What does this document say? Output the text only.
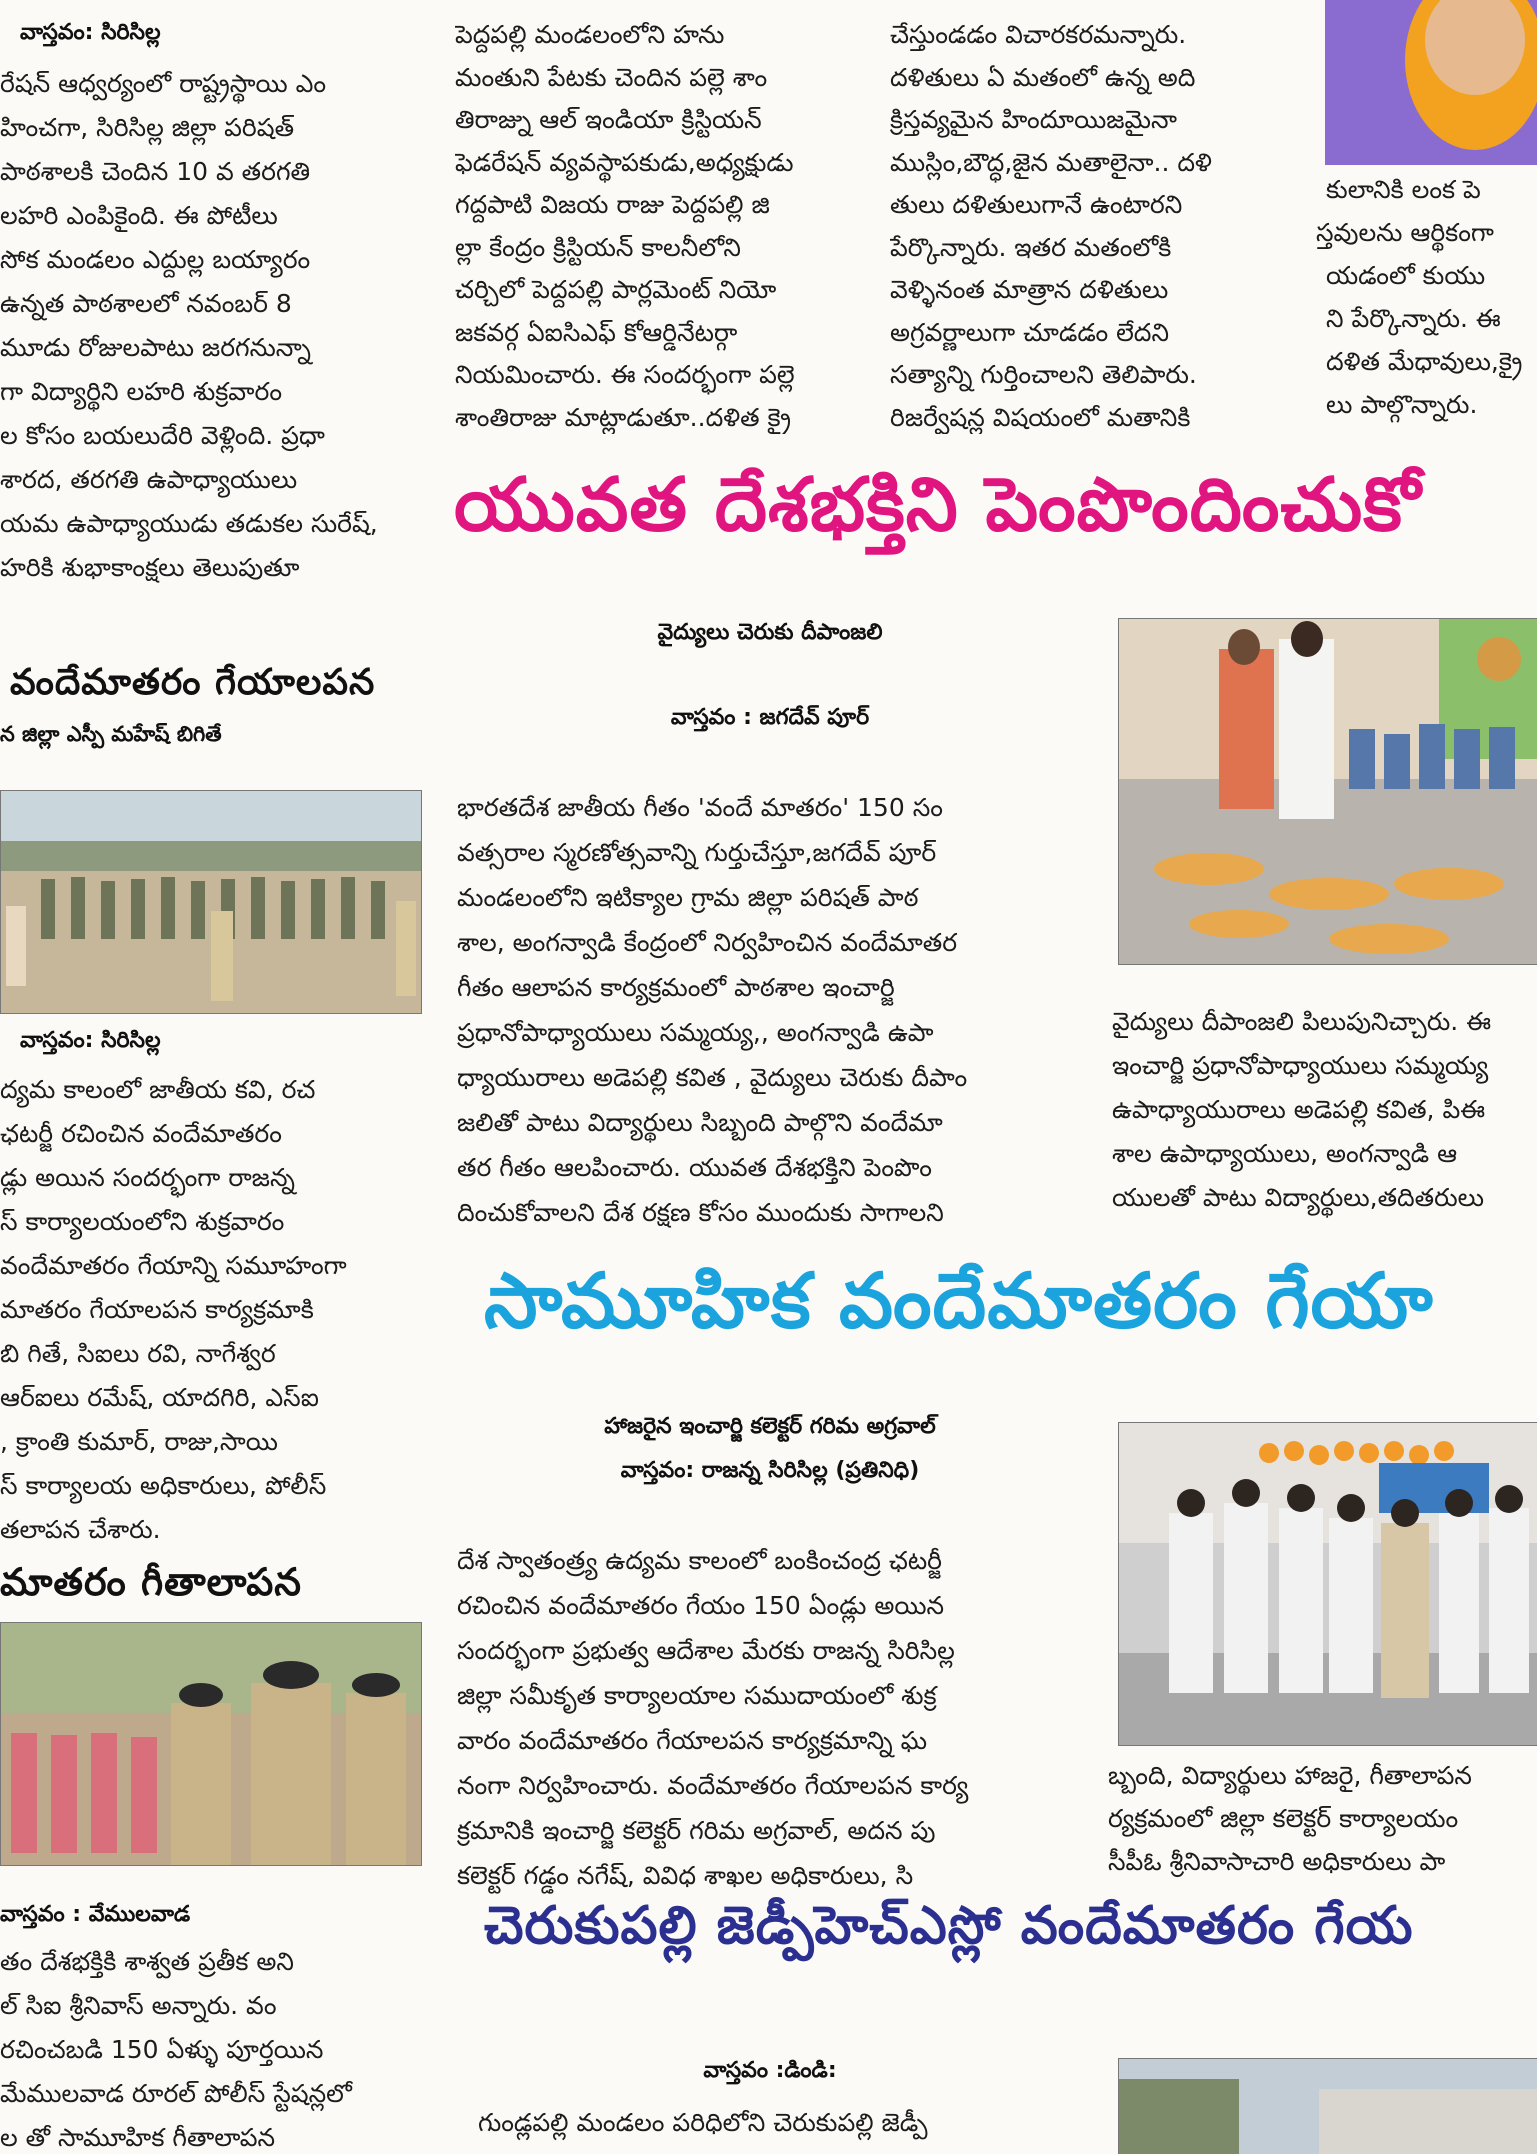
వాస్తవం: సిరిసిల్ల
రేషన్ ఆధ్వర్యంలో రాష్ట్రస్థాయి ఎం
హించగా, సిరిసిల్ల జిల్లా పరిషత్
పాఠశాలకి చెందిన 10 వ తరగతి
లహరి ఎంపికైంది. ఈ పోటీలు
సోక మండలం ఎద్దుల్ల బయ్యారం
ఉన్నత పాఠశాలలో నవంబర్ 8
మూడు రోజులపాటు జరగనున్నా
గా విద్యార్థిని లహరి శుక్రవారం
ల కోసం బయలుదేరి వెళ్లింది. ప్రధా
శారద, తరగతి ఉపాధ్యాయులు
యమ ఉపాధ్యాయుడు తడుకల సురేష్,
హరికి శుభాకాంక్షలు తెలుపుతూ
వందేమాతరం గేయాలపన
న జిల్లా ఎస్పీ మహేష్ బిగితే
వాస్తవం: సిరిసిల్ల
ద్యమ కాలంలో జాతీయ కవి, రచ
ఛటర్జీ రచించిన వందేమాతరం
డ్లు అయిన సందర్భంగా రాజన్న
స్ కార్యాలయంలోని శుక్రవారం
వందేమాతరం గేయాన్ని సమూహంగా
మాతరం గేయాలపన కార్యక్రమాకి
బి గితే, సిఐలు రవి, నాగేశ్వర
ఆర్ఐలు రమేష్, యాదగిరి, ఎస్ఐ
, క్రాంతి కుమార్, రాజు,సాయి
స్ కార్యాలయ అధికారులు, పోలీస్
తలాపన చేశారు.
మాతరం గీతాలాపన
వాస్తవం : వేములవాడ
తం దేశభక్తికి శాశ్వత ప్రతీక అని
ల్ సిఐ శ్రీనివాస్ అన్నారు. వం
రచించబడి 150 ఏళ్ళు పూర్తయిన
మేములవాడ రూరల్ పోలీస్ స్టేషన్లలో
ల తో సామూహిక గీతాలాపన
పెద్దపల్లి మండలంలోని హను
మంతుని పేటకు చెందిన పల్లె శాం
తిరాజ్ను ఆల్ ఇండియా క్రిస్టియన్
ఫెడరేషన్ వ్యవస్థాపకుడు,అధ్యక్షుడు
గద్దపాటి విజయ రాజు పెద్దపల్లి జి
ల్లా కేంద్రం క్రిస్టియన్ కాలనీలోని
చర్చిలో పెద్దపల్లి పార్లమెంట్ నియో
జకవర్గ ఏఐసిఎఫ్ కోఆర్డినేటర్గా
నియమించారు. ఈ సందర్భంగా పల్లె
శాంతిరాజు మాట్లాడుతూ..దళిత క్రై
చేస్తుండడం విచారకరమన్నారు.
దళితులు ఏ మతంలో ఉన్న అది
క్రిస్తవ్యమైన హిందూయిజమైనా
ముస్లిం,బౌద్ధ,జైన మతాలైనా.. దళి
తులు దళితులుగానే ఉంటారని
పేర్కొన్నారు. ఇతర మతంలోకి
వెళ్ళినంత మాత్రాన దళితులు
అగ్రవర్ణాలుగా చూడడం లేదని
సత్యాన్ని గుర్తించాలని తెలిపారు.
రిజర్వేషన్ల విషయంలో మతానికి
కులానికి లంక పె
స్తవులను ఆర్థికంగా
యడంలో కుయు
ని పేర్కొన్నారు. ఈ
దళిత మేధావులు,క్రై
లు పాల్గొన్నారు.
యువత దేశభక్తిని పెంపొందించుకో
వైద్యులు చెరుకు దీపాంజలి
వాస్తవం : జగదేవ్ పూర్
భారతదేశ జాతీయ గీతం 'వందే మాతరం' 150 సం
వత్సరాల స్మరణోత్సవాన్ని గుర్తుచేస్తూ,జగదేవ్ పూర్
మండలంలోని ఇటిక్యాల గ్రామ జిల్లా పరిషత్ పాఠ
శాల, అంగన్వాడి కేంద్రంలో నిర్వహించిన వందేమాతర
గీతం ఆలాపన కార్యక్రమంలో పాఠశాల ఇంచార్జి
ప్రధానోపాధ్యాయులు సమ్మయ్య,, అంగన్వాడి ఉపా
ధ్యాయురాలు అడెపల్లి కవిత , వైద్యులు చెరుకు దీపాం
జలితో పాటు విద్యార్థులు సిబ్బంది పాల్గొని వందేమా
తర గీతం ఆలపించారు. యువత దేశభక్తిని పెంపొం
దించుకోవాలని దేశ రక్షణ కోసం ముందుకు సాగాలని
వైద్యులు దీపాంజలి పిలుపునిచ్చారు. ఈ
ఇంచార్జి ప్రధానోపాధ్యాయులు సమ్మయ్య
ఉపాధ్యాయురాలు అడెపల్లి కవిత, పిఈ
శాల ఉపాధ్యాయులు, అంగన్వాడి ఆ
యులతో పాటు విద్యార్థులు,తదితరులు
సామూహిక వందేమాతరం గేయా
హాజరైన ఇంచార్జి కలెక్టర్ గరిమ అగ్రవాల్
వాస్తవం: రాజన్న సిరిసిల్ల (ప్రతినిధి)
దేశ స్వాతంత్ర్య ఉద్యమ కాలంలో బంకించంద్ర ఛటర్జీ
రచించిన వందేమాతరం గేయం 150 ఏండ్లు అయిన
సందర్భంగా ప్రభుత్వ ఆదేశాల మేరకు రాజన్న సిరిసిల్ల
జిల్లా సమీకృత కార్యాలయాల సముదాయంలో శుక్ర
వారం వందేమాతరం గేయాలపన కార్యక్రమాన్ని ఘ
నంగా నిర్వహించారు. వందేమాతరం గేయాలపన కార్య
క్రమానికి ఇంచార్జి కలెక్టర్ గరిమ అగ్రవాల్, అదన పు
కలెక్టర్ గడ్డం నగేష్, వివిధ శాఖల అధికారులు, సి
బ్బంది, విద్యార్థులు హాజరై, గీతాలాపన
ర్యక్రమంలో జిల్లా కలెక్టర్ కార్యాలయం
సీపీఓ శ్రీనివాసాచారి అధికారులు పా
చెరుకుపల్లి జెడ్పీహెచ్ఎస్లో వందేమాతరం గేయ
వాస్తవం :డిండి:
గుండ్లపల్లి మండలం పరిధిలోని చెరుకుపల్లి జెడ్పీ
